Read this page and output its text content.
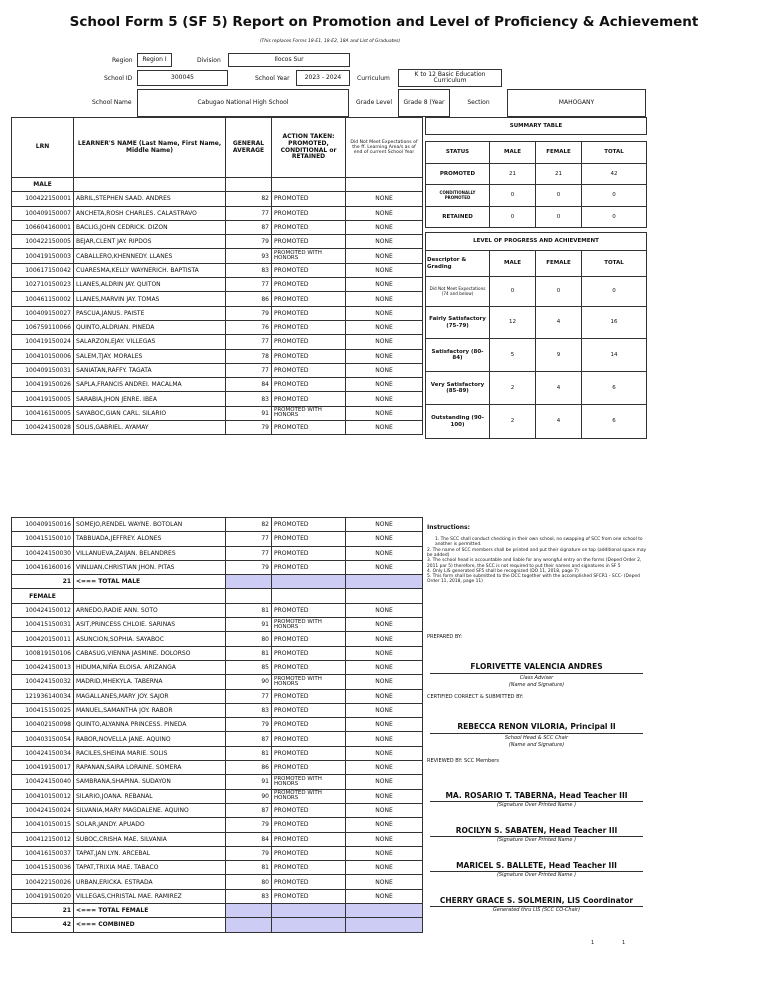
School Form 5 (SF 5) Report on Promotion and Level of Proficiency & Achievement
(This replaces Forms 18-E1, 18-E2, 18A and List of Graduates)
Region	Region I	Division	Ilocos Sur
School ID	300045	School Year	2023 - 2024	Curriculum
K to 12 Basic Education Curriculum
School Name	Cabugao National High School	Grade Level	Grade 8 (Year	Section	MAHOGANY
LRN	LEARNER'S NAME (Last Name, First Name, Middle Name)	GENERAL AVERAGE	ACTION TAKEN: PROMOTED, CONDITIONAL or RETAINED	Did Not Meet Expectations of the ff. Learning Area/s as of end of current School Year
MALE				
100422150001	ABRIL,STEPHEN SAAD. ANDRES	82	PROMOTED	NONE
100409150007	ANCHETA,ROSH CHARLES. CALASTRAVO	77	PROMOTED	NONE
106604160001	BACLIG,JOHN CEDRICK. DIZON	87	PROMOTED	NONE
100422150005	BEJAR,CLENT JAY. RIPDOS	79	PROMOTED	NONE
100419150003	CABALLERO,KHENNEDY. LLANES	93	PROMOTED WITH HONORS	NONE
100617150042	CUARESMA,KELLY WAYNERICH. BAPTISTA	83	PROMOTED	NONE
102710150023	LLANES,ALDRIN JAY. QUITON	77	PROMOTED	NONE
100461150002	LLANES,MARVIN JAY. TOMAS	86	PROMOTED	NONE
100409150027	PASCUA,JANUS. PAISTE	79	PROMOTED	NONE
106759110066	QUINTO,ALDRIAN. PINEDA	76	PROMOTED	NONE
100419150024	SALARZON,EJAY. VILLEGAS	77	PROMOTED	NONE
100410150006	SALEM,TJAY. MORALES	78	PROMOTED	NONE
100409150031	SANIATAN,RAFFY. TAGATA	77	PROMOTED	NONE
100419150026	SAPLA,FRANCIS ANDREI. MACALMA	84	PROMOTED	NONE
100419150005	SARABIA,JHON JENRE. IBEA	83	PROMOTED	NONE
100416150005	SAYABOC,GIAN CARL. SILARIO	91	PROMOTED WITH HONORS	NONE
100424150028	SOLIS,GABRIEL. AYAMAY	79	PROMOTED	NONE
100409150016	SOMEJO,RENDEL WAYNE. BOTOLAN	82	PROMOTED	NONE
100415150010	TABBUADA,JEFFREY. ALONES	77	PROMOTED	NONE
100424150030	VILLANUEVA,ZAIJAN. BELANDRES	77	PROMOTED	NONE
100416160016	VINLUAN,CHRISTIAN JHON. PITAS	79	PROMOTED	NONE
21	<=== TOTAL MALE			
FEMALE				
100424150012	ARNEDO,RADIE ANN. SOTO	81	PROMOTED	NONE
100415150031	ASIT,PRINCESS CHLOIE. SARINAS	91	PROMOTED WITH HONORS	NONE
100420150011	ASUNCION,SOPHIA. SAYABOC	80	PROMOTED	NONE
100819150106	CABASUG,VIENNA JASMINE. DOLORSO	81	PROMOTED	NONE
100424150013	HIDUMA,NIÑA ELOISA. ARIZANGA	85	PROMOTED	NONE
100424150032	MADRID,MHEKYLA. TABERNA	90	PROMOTED WITH HONORS	NONE
121936140034	MAGALLANES,MARY JOY. SAJOR	77	PROMOTED	NONE
100415150025	MANUEL,SAMANTHA JOY. RABOR	83	PROMOTED	NONE
100402150098	QUINTO,ALYANNA PRINCESS. PINEDA	79	PROMOTED	NONE
100403150054	RABOR,NOVELLA JANE. AQUINO	87	PROMOTED	NONE
100424150034	RACILES,SHEINA MARIE. SOLIS	81	PROMOTED	NONE
100419150017	RAPANAN,SAIRA LORAINE. SOMERA	86	PROMOTED	NONE
100424150040	SAMBRANA,SHAPINA. SUDAYON	91	PROMOTED WITH HONORS	NONE
100410150012	SILARIO,JOANA. REBANAL	90	PROMOTED WITH HONORS	NONE
100424150024	SILVANIA,MARY MAGDALENE. AQUINO	87	PROMOTED	NONE
100410150015	SOLAR,JANDY. APUADO	79	PROMOTED	NONE
100412150012	SUBOC,CRISHA MAE. SILVANIA	84	PROMOTED	NONE
100416150037	TAPAT,JAN LYN. ARCEBAL	79	PROMOTED	NONE
100415150036	TAPAT,TRIXIA MAE. TABACO	81	PROMOTED	NONE
100422150026	URBAN,ERICKA. ESTRADA	80	PROMOTED	NONE
100419150020	VILLEGAS,CHRISTAL MAE. RAMIREZ	83	PROMOTED	NONE
21	<=== TOTAL FEMALE			
42	<=== COMBINED			
SUMMARY TABLE			

STATUS	MALE	FEMALE	TOTAL
PROMOTED	21	21	42
CONDITIONALLY PROMOTED	0	0	0
RETAINED	0	0	0

LEVEL OF PROGRESS AND ACHIEVEMENT			
Descriptor & Grading	MALE	FEMALE	TOTAL
Did Not Meet Expectations (74 and below)	0	0	0
Fairly Satisfactory (75-79)	12	4	16
Satisfactory (80-84)	5	9	14
Very Satisfactory (85-89)	2	4	6
Outstanding (90-100)	2	4	6
Instructions:
1. The SCC shall conduct checking in their own school, no swapping of SCC from one school to another is permitted.
2. The name of SCC members shall be printed and put their signature on top (additional space may be added)
3. The school head is accountable and liable for any wrongful entry on the forms (Deped Order 2, 2011 par 5) therefore, the SCC is not required to put their names and signatures in SF 5
4. Only LIS generated SF5 shall be recognized (DO 11, 2018, page 7)
5. This form shall be submitted to the DCC together with the accomplished SFCR1 - SCC- (Deped Order 11, 2018, page 11)
PREPARED BY:
FLORIVETTE VALENCIA ANDRES
Class Adviser
(Name and Signature)
CERTIFIED CORRECT & SUBMITTED BY:
REBECCA RENON VILORIA, Principal II
School Head & SCC Chair
(Name and Signature)
REVIEWED BY: SCC Members
MA. ROSARIO T. TABERNA, Head Teacher III
(Signature Over Printed Name )
ROCILYN S. SABATEN, Head Teacher III
(Signature Over Printed Name )
MARICEL S. BALLETE, Head Teacher III
(Signature Over Printed Name )
CHERRY GRACE S. SOLMERIN, LIS Coordinator
Generated thru LIS (SCC CO-Chair)
1	1
